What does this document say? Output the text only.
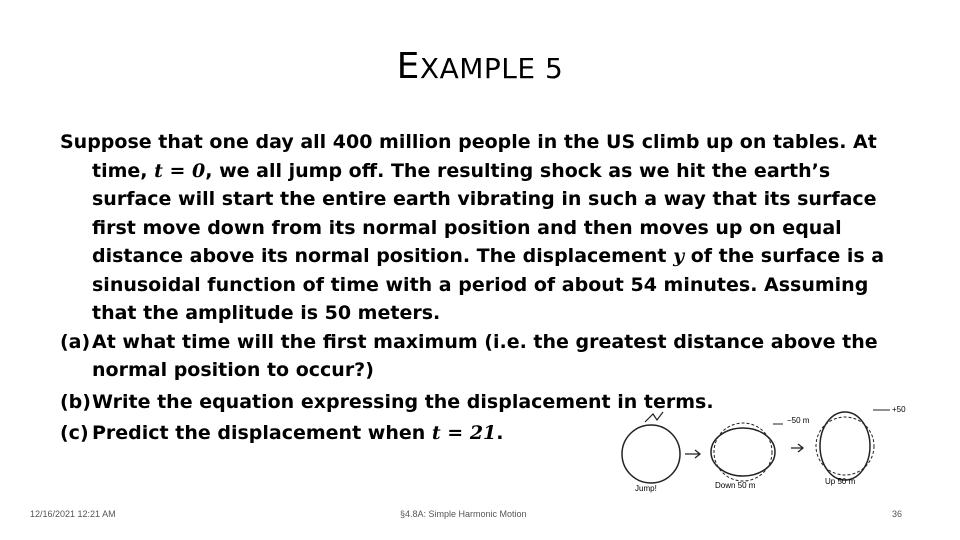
EXAMPLE 5
Suppose that one day all 400 million people in the US climb up on tables. At time, t = 0, we all jump off. The resulting shock as we hit the earth’s surface will start the entire earth vibrating in such a way that its surface first move down from its normal position and then moves up on equal distance above its normal position. The displacement y of the surface is a sinusoidal function of time with a period of about 54 minutes. Assuming that the amplitude is 50 meters.
(a) At what time will the first maximum (i.e. the greatest distance above the normal position to occur?)
(b) Write the equation expressing the displacement in terms.
(c) Predict the displacement when t = 21.
Jump!
−50 m
Down 50 m
+50
Up 50 m
12/16/2021 12:21 AM	§4.8A: Simple Harmonic Motion	36
